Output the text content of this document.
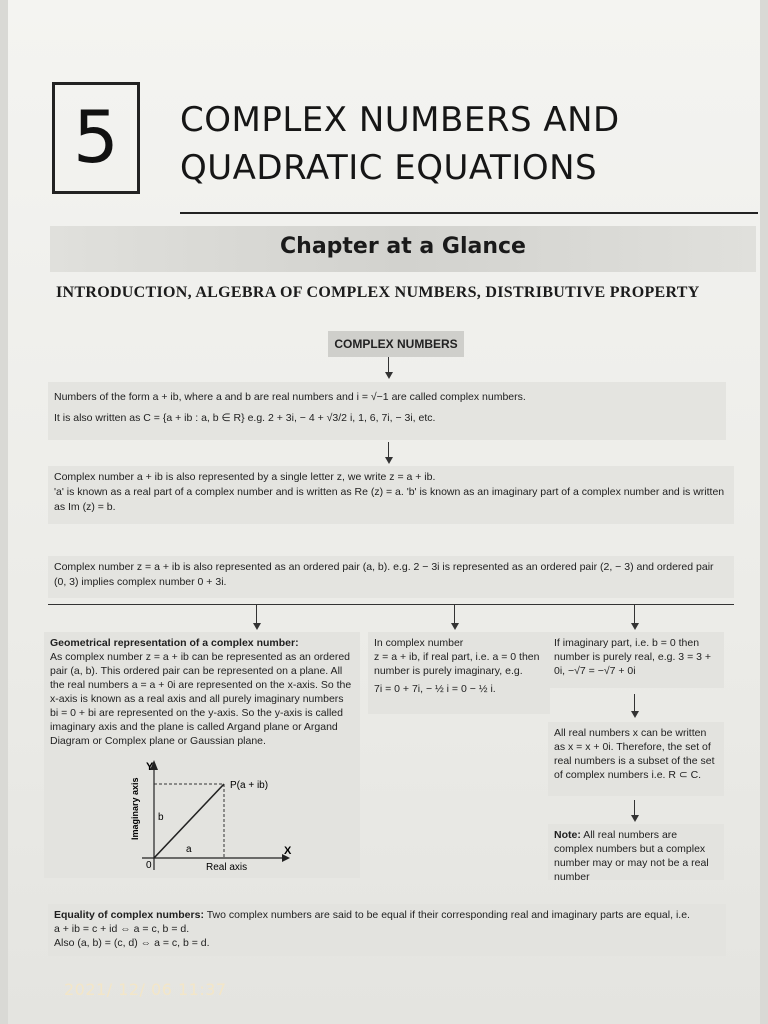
5 COMPLEX NUMBERS AND
QUADRATIC EQUATIONS
Chapter at a Glance
INTRODUCTION, ALGEBRA OF COMPLEX NUMBERS, DISTRIBUTIVE PROPERTY
COMPLEX NUMBERS
Numbers of the form a + ib, where a and b are real numbers and i = √−1 are called complex numbers.
It is also written as C = {a + ib : a, b ∈ R} e.g. 2 + 3i, − 4 + √3/2 i, 1, 6, 7i, − 3i, etc.
Complex number a + ib is also represented by a single letter z, we write z = a + ib.
'a' is known as a real part of a complex number and is written as Re (z) = a. 'b' is known as an imaginary part of a complex number and is written as Im (z) = b.
Complex number z = a + ib is also represented as an ordered pair (a, b). e.g. 2 − 3i is represented as an ordered pair (2, − 3) and ordered pair (0, 3) implies complex number 0 + 3i.
Geometrical representation of a complex number:
As complex number z = a + ib can be represented as an ordered pair (a, b). This ordered pair can be represented on a plane. All the real numbers a = a + 0i are represented on the x-axis. So the x-axis is known as a real axis and all purely imaginary numbers bi = 0 + bi are represented on the y-axis. So the y-axis is called imaginary axis and the plane is called Argand plane or Argand Diagram or Complex plane or Gaussian plane.
Y
X
0
P(a + ib)
a
b
Real axis
Imaginary axis
In complex number
z = a + ib, if real part, i.e. a = 0 then number is purely imaginary, e.g.
7i = 0 + 7i, − ½ i = 0 − ½ i.
If imaginary part, i.e. b = 0 then number is purely real, e.g. 3 = 3 + 0i, −√7 = −√7 + 0i
All real numbers x can be written as x = x + 0i. Therefore, the set of real numbers is a subset of the set of complex numbers i.e. R ⊂ C.
Note: All real numbers are complex numbers but a complex number may or may not be a real number
Equality of complex numbers: Two complex numbers are said to be equal if their corresponding real and imaginary parts are equal, i.e.
a + ib = c + id ⇔ a = c, b = d.
Also (a, b) = (c, d) ⇔ a = c, b = d.
2021/ 12/ 06 11:37
